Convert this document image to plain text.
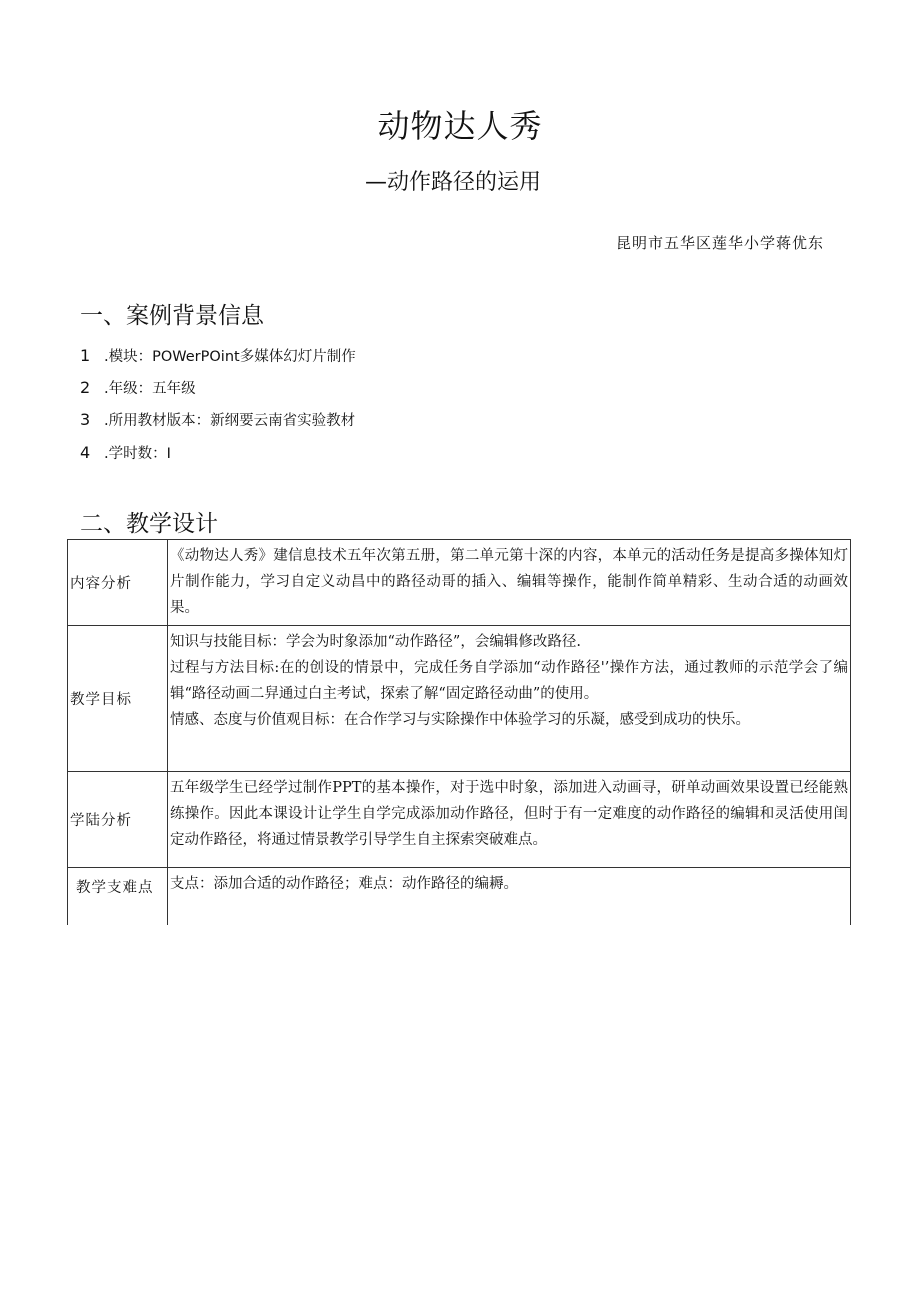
动物达人秀
—动作路径的运用
昆明市五华区莲华小学蒋优东
一、案例背景信息
1 .模块：POWerPOint多媒体幻灯片制作
2 .年级：五年级
3 .所用教材版本：新纲要云南省实验教材
4 .学时数：I
二、教学设计
内容分析	《动物达人秀》建信息技术五年次第五册，第二单元第十深的内容，本单元的活动任务是提高多操体知灯片制作能力，学习自定义动昌中的路径动哥的插入、编辑等操作，能制作简单精彩、生动合适的动画效果。

教学目标	知识与技能目标：学会为时象添加“动作路径”，会编辑修改路径.
过程与方法目标:在的创设的情景中，完成任务自学添加“动作路径'’操作方法，通过教师的示范学会了编辑“路径动画二舁通过白主考试，探索了解“固定路径动曲”的使用。
情感、态度与价值观目标：在合作学习与实除操作中体验学习的乐凝，感受到成功的快乐。

学陆分析	五年级学生已经学过制作PPT的基本操作，对于选中时象，添加进入动画寻，研单动画效果设置已经能熟练操作。因此本课设计让学生自学完成添加动作路径，但时于有一定难度的动作路径的编辑和灵活使用闺定动作路径，将通过情景教学引导学生自主探索突破难点。

教学支难点	支点：添加合适的动作路径；难点：动作路径的编耨。
